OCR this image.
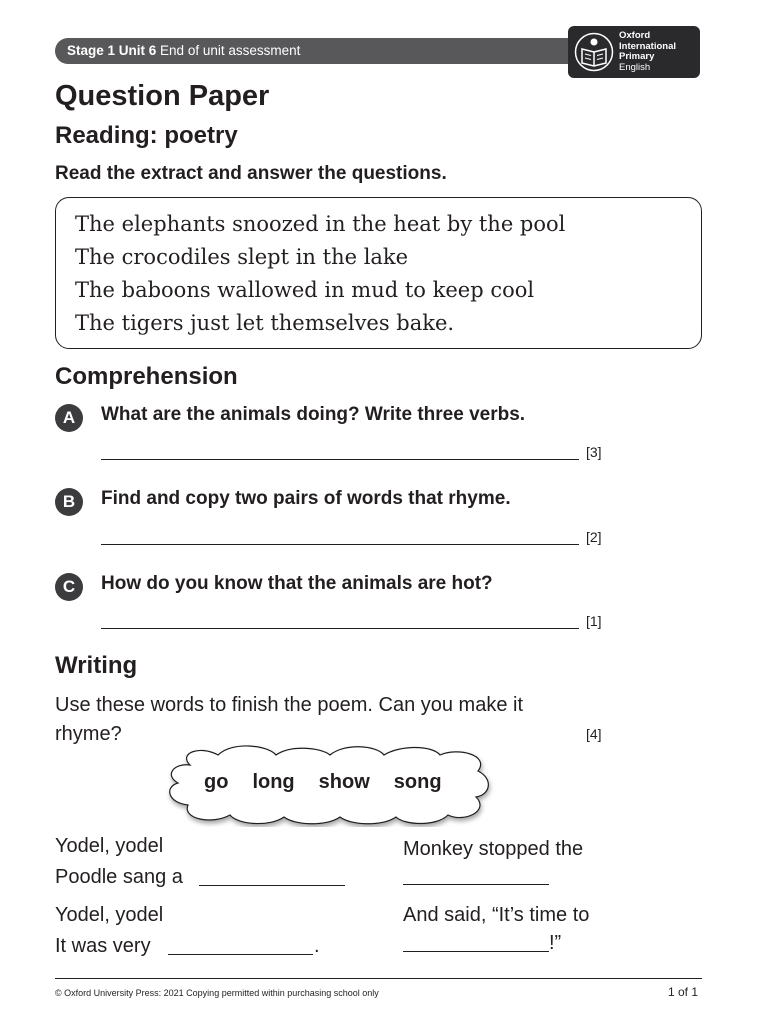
Stage 1 Unit 6 End of unit assessment
Oxford
International
Primary
English
Question Paper
Reading: poetry
Read the extract and answer the questions.
The elephants snoozed in the heat by the pool
The crocodiles slept in the lake
The baboons wallowed in mud to keep cool
The tigers just let themselves bake.
Comprehension
A	What are the animals doing? Write three verbs.
[3]
B	Find and copy two pairs of words that rhyme.
[2]
C	How do you know that the animals are hot?
[1]
Writing
Use these words to finish the poem. Can you make it rhyme?	[4]
go long show song
Yodel, yodel
Poodle sang a
Yodel, yodel
It was very	.
Monkey stopped the
And said, “It’s time to
!”
© Oxford University Press: 2021 Copying permitted within purchasing school only	1 of 1
